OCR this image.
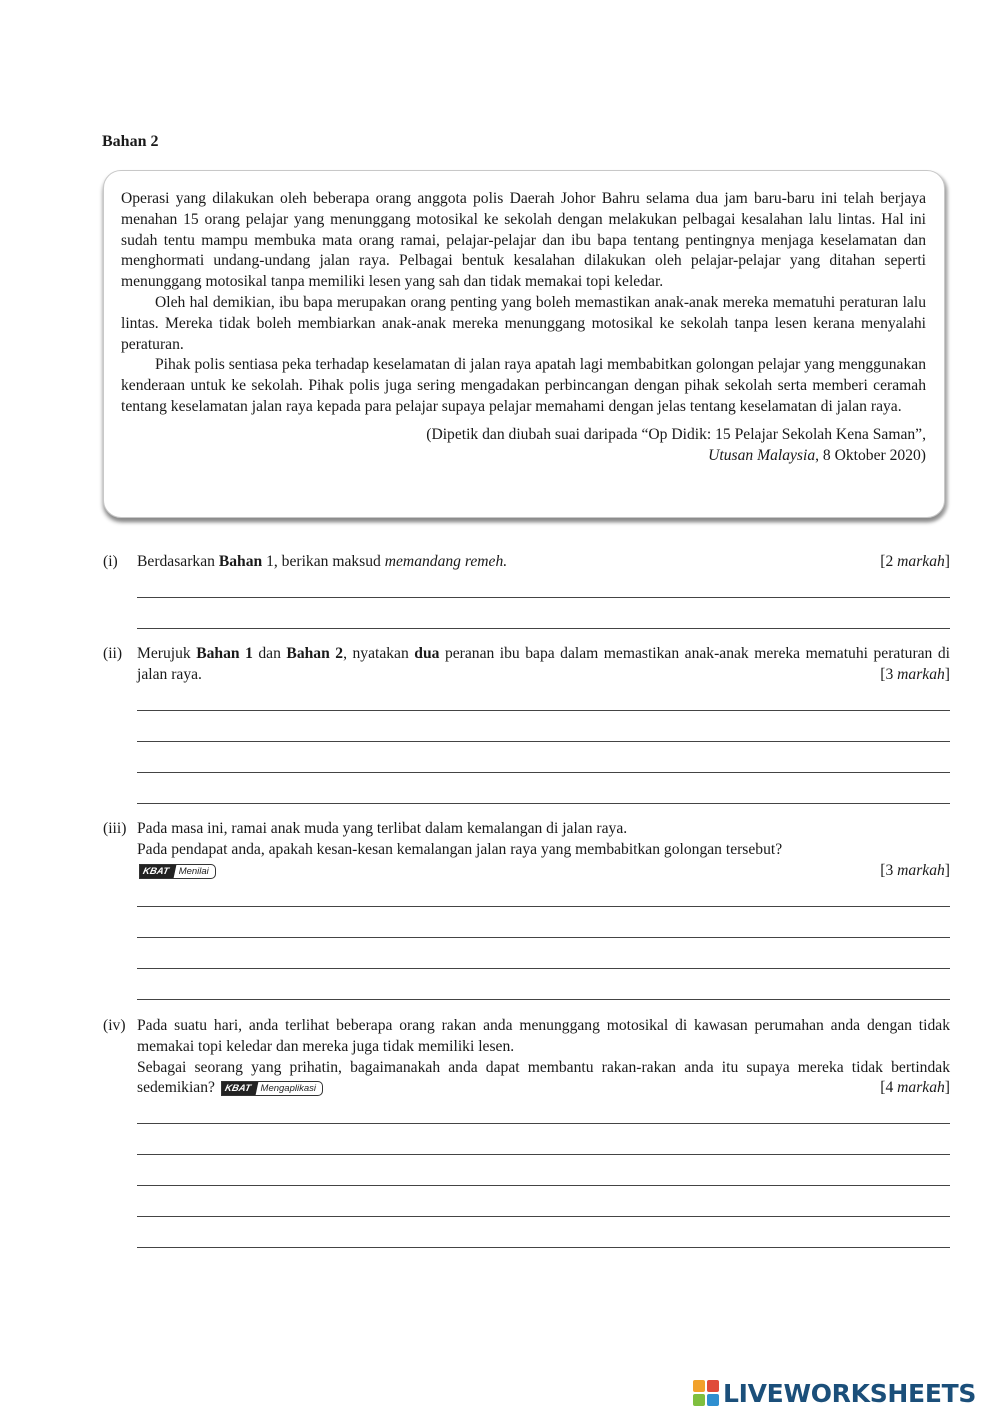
Bahan 2

Operasi yang dilakukan oleh beberapa orang anggota polis Daerah Johor Bahru selama dua jam baru-baru ini telah berjaya menahan 15 orang pelajar yang menunggang motosikal ke sekolah dengan melakukan pelbagai kesalahan lalu lintas. Hal ini sudah tentu mampu membuka mata orang ramai, pelajar-pelajar dan ibu bapa tentang pentingnya menjaga keselamatan dan menghormati undang-undang jalan raya. Pelbagai bentuk kesalahan dilakukan oleh pelajar-pelajar yang ditahan seperti menunggang motosikal tanpa memiliki lesen yang sah dan tidak memakai topi keledar.

Oleh hal demikian, ibu bapa merupakan orang penting yang boleh memastikan anak-anak mereka mematuhi peraturan lalu lintas. Mereka tidak boleh membiarkan anak-anak mereka menunggang motosikal ke sekolah tanpa lesen kerana menyalahi peraturan.

Pihak polis sentiasa peka terhadap keselamatan di jalan raya apatah lagi membabitkan golongan pelajar yang menggunakan kenderaan untuk ke sekolah. Pihak polis juga sering mengadakan perbincangan dengan pihak sekolah serta memberi ceramah tentang keselamatan jalan raya kepada para pelajar supaya pelajar memahami dengan jelas tentang keselamatan di jalan raya.

(Dipetik dan diubah suai daripada “Op Didik: 15 Pelajar Sekolah Kena Saman”,
Utusan Malaysia, 8 Oktober 2020)
(i) Berdasarkan Bahan 1, berikan maksud memandang remeh.	[2 markah]
(ii) Merujuk Bahan 1 dan Bahan 2, nyatakan dua peranan ibu bapa dalam memastikan anak-anak mereka mematuhi peraturan di jalan raya.	[3 markah]
(iii) Pada masa ini, ramai anak muda yang terlibat dalam kemalangan di jalan raya.
Pada pendapat anda, apakah kesan-kesan kemalangan jalan raya yang membabitkan golongan tersebut?
KBAT Menilai	[3 markah]
(iv) Pada suatu hari, anda terlihat beberapa orang rakan anda menunggang motosikal di kawasan perumahan anda dengan tidak memakai topi keledar dan mereka juga tidak memiliki lesen.
Sebagai seorang yang prihatin, bagaimanakah anda dapat membantu rakan-rakan anda itu supaya mereka tidak bertindak sedemikian? KBAT Mengaplikasi	[4 markah]
LIVEWORKSHEETS
